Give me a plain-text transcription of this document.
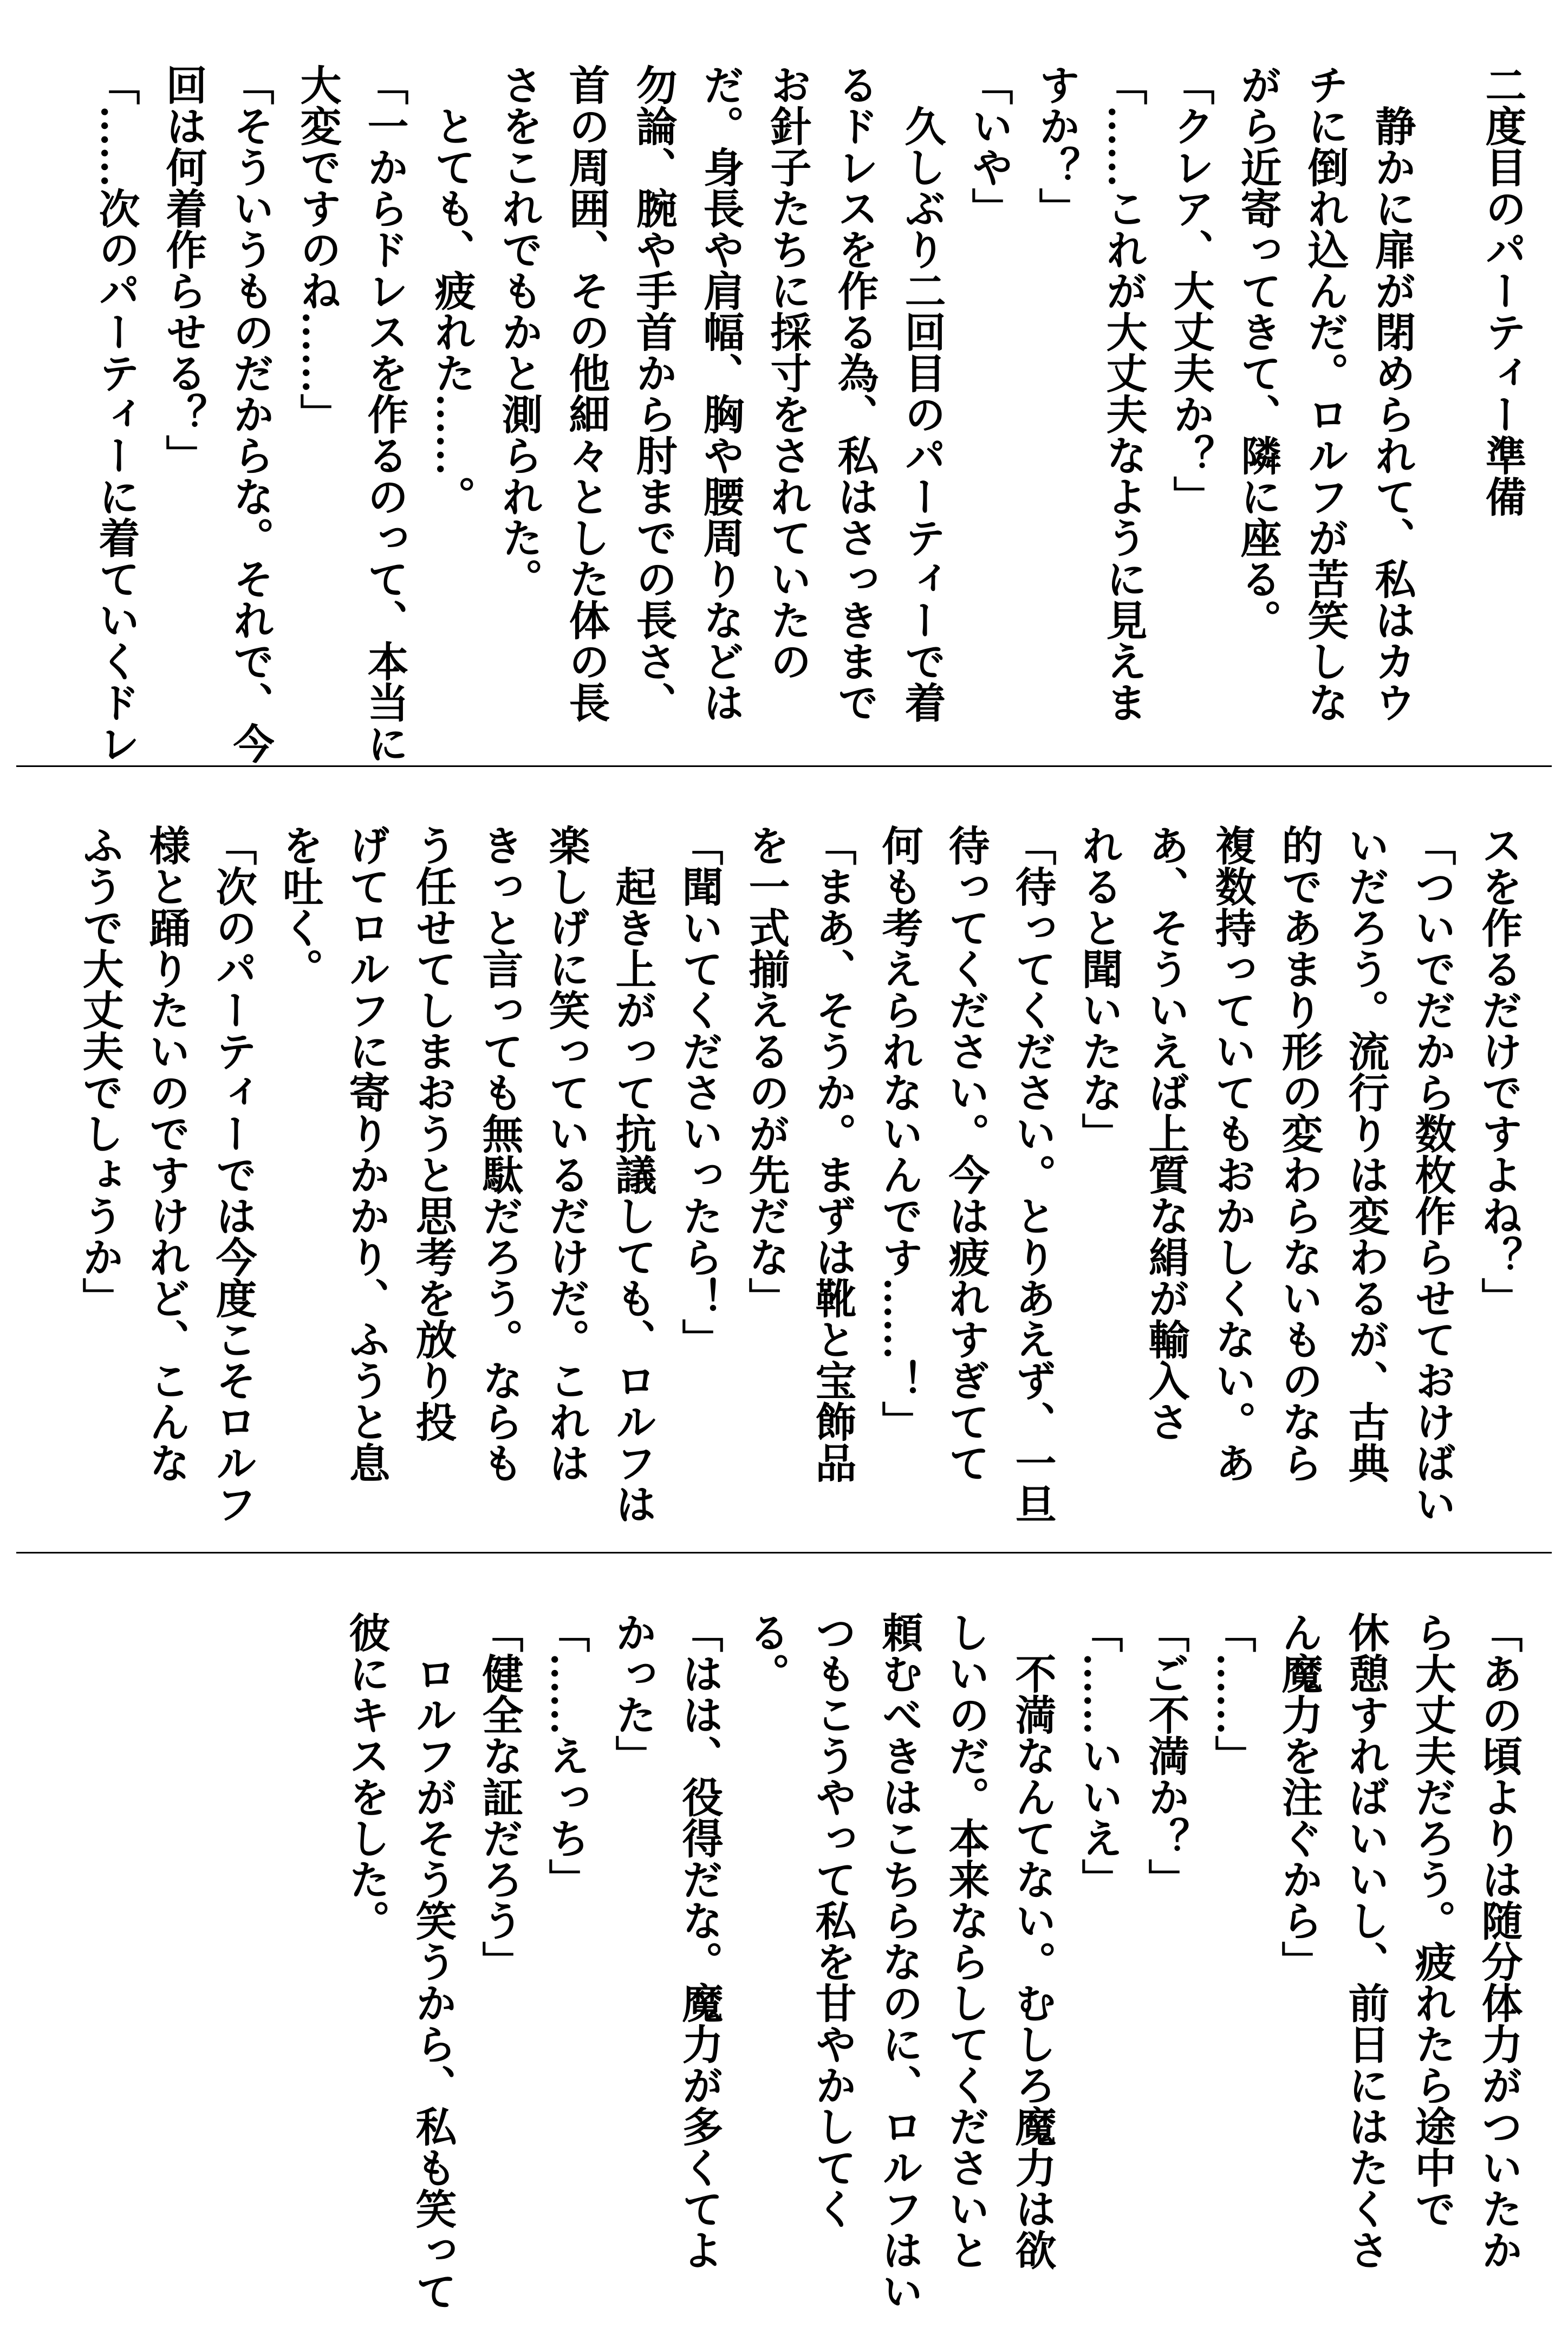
二度目のパーティー準備
　静かに扉が閉められて、私はカウ
チに倒れ込んだ。ロルフが苦笑しな
がら近寄ってきて、隣に座る。
「クレア、大丈夫か？」
「……これが大丈夫なように見えま
すか？」
「いや」
　久しぶり二回目のパーティーで着
るドレスを作る為、私はさっきまで
お針子たちに採寸をされていたの
だ。身長や肩幅、胸や腰周りなどは
勿論、腕や手首から肘までの長さ、
首の周囲、その他細々とした体の長
さをこれでもかと測られた。
　とても、疲れた……。
「一からドレスを作るのって、本当に
大変ですのね……」
「そういうものだからな。それで、今
回は何着作らせる？」
「……次のパーティーに着ていくドレ
スを作るだけですよね？」
「ついでだから数枚作らせておけばい
いだろう。流行りは変わるが、古典
的であまり形の変わらないものなら
複数持っていてもおかしくない。あ
あ、そういえば上質な絹が輸入さ
れると聞いたな」
「待ってください。とりあえず、一旦
待ってください。今は疲れすぎてて
何も考えられないんです……！」
「まあ、そうか。まずは靴と宝飾品
を一式揃えるのが先だな」
「聞いてくださいったら！」
　起き上がって抗議しても、ロルフは
楽しげに笑っているだけだ。これは
きっと言っても無駄だろう。ならも
う任せてしまおうと思考を放り投
げてロルフに寄りかかり、ふうと息
を吐く。
「次のパーティーでは今度こそロルフ
様と踊りたいのですけれど、こんな
ふうで大丈夫でしょうか」
「あの頃よりは随分体力がついたか
ら大丈夫だろう。疲れたら途中で
休憩すればいいし、前日にはたくさ
ん魔力を注ぐから」
「……」
「ご不満か？」
「……いいえ」
　不満なんてない。むしろ魔力は欲
しいのだ。本来ならしてくださいと
頼むべきはこちらなのに、ロルフはい
つもこうやって私を甘やかしてく
る。
「はは、役得だな。魔力が多くてよ
かった」
「……えっち」
「健全な証だろう」
　ロルフがそう笑うから、私も笑って
彼にキスをした。
